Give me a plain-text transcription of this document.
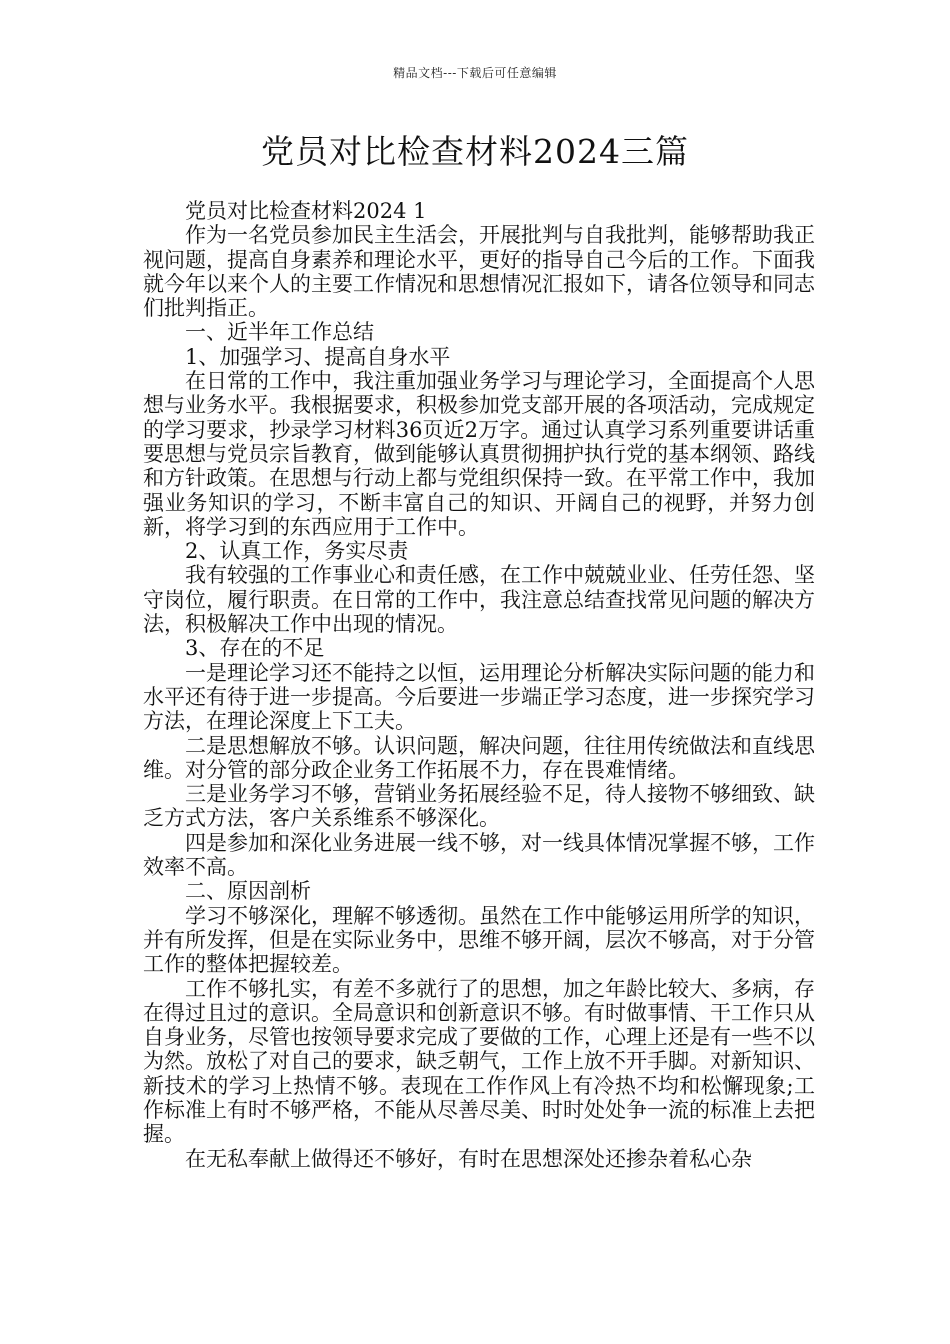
精品文档---下载后可任意编辑
党员对比检查材料2024三篇

党员对比检查材料2024 1

作为一名党员参加民主生活会，开展批判与自我批判，能够帮助我正视问题，提高自身素养和理论水平，更好的指导自己今后的工作。下面我就今年以来个人的主要工作情况和思想情况汇报如下，请各位领导和同志们批判指正。

一、近半年工作总结

1、加强学习、提高自身水平

在日常的工作中，我注重加强业务学习与理论学习，全面提高个人思想与业务水平。我根据要求，积极参加党支部开展的各项活动，完成规定的学习要求，抄录学习材料36页近2万字。通过认真学习系列重要讲话重要思想与党员宗旨教育，做到能够认真贯彻拥护执行党的基本纲领、路线和方针政策。在思想与行动上都与党组织保持一致。在平常工作中，我加强业务知识的学习，不断丰富自己的知识、开阔自己的视野，并努力创新，将学习到的东西应用于工作中。

2、认真工作，务实尽责

我有较强的工作事业心和责任感，在工作中兢兢业业、任劳任怨、坚守岗位，履行职责。在日常的工作中，我注意总结查找常见问题的解决方法，积极解决工作中出现的情况。

3、存在的不足

一是理论学习还不能持之以恒，运用理论分析解决实际问题的能力和水平还有待于进一步提高。今后要进一步端正学习态度，进一步探究学习方法，在理论深度上下工夫。

二是思想解放不够。认识问题，解决问题，往往用传统做法和直线思维。对分管的部分政企业务工作拓展不力，存在畏难情绪。

三是业务学习不够，营销业务拓展经验不足，待人接物不够细致、缺乏方式方法，客户关系维系不够深化。

四是参加和深化业务进展一线不够，对一线具体情况掌握不够，工作效率不高。

二、原因剖析

学习不够深化，理解不够透彻。虽然在工作中能够运用所学的知识，并有所发挥，但是在实际业务中，思维不够开阔，层次不够高，对于分管工作的整体把握较差。

工作不够扎实，有差不多就行了的思想，加之年龄比较大、多病，存在得过且过的意识。全局意识和创新意识不够。有时做事情、干工作只从自身业务，尽管也按领导要求完成了要做的工作，心理上还是有一些不以为然。放松了对自己的要求，缺乏朝气，工作上放不开手脚。对新知识、新技术的学习上热情不够。表现在工作作风上有冷热不均和松懈现象;工作标准上有时不够严格，不能从尽善尽美、时时处处争一流的标准上去把握。

在无私奉献上做得还不够好，有时在思想深处还掺杂着私心杂
